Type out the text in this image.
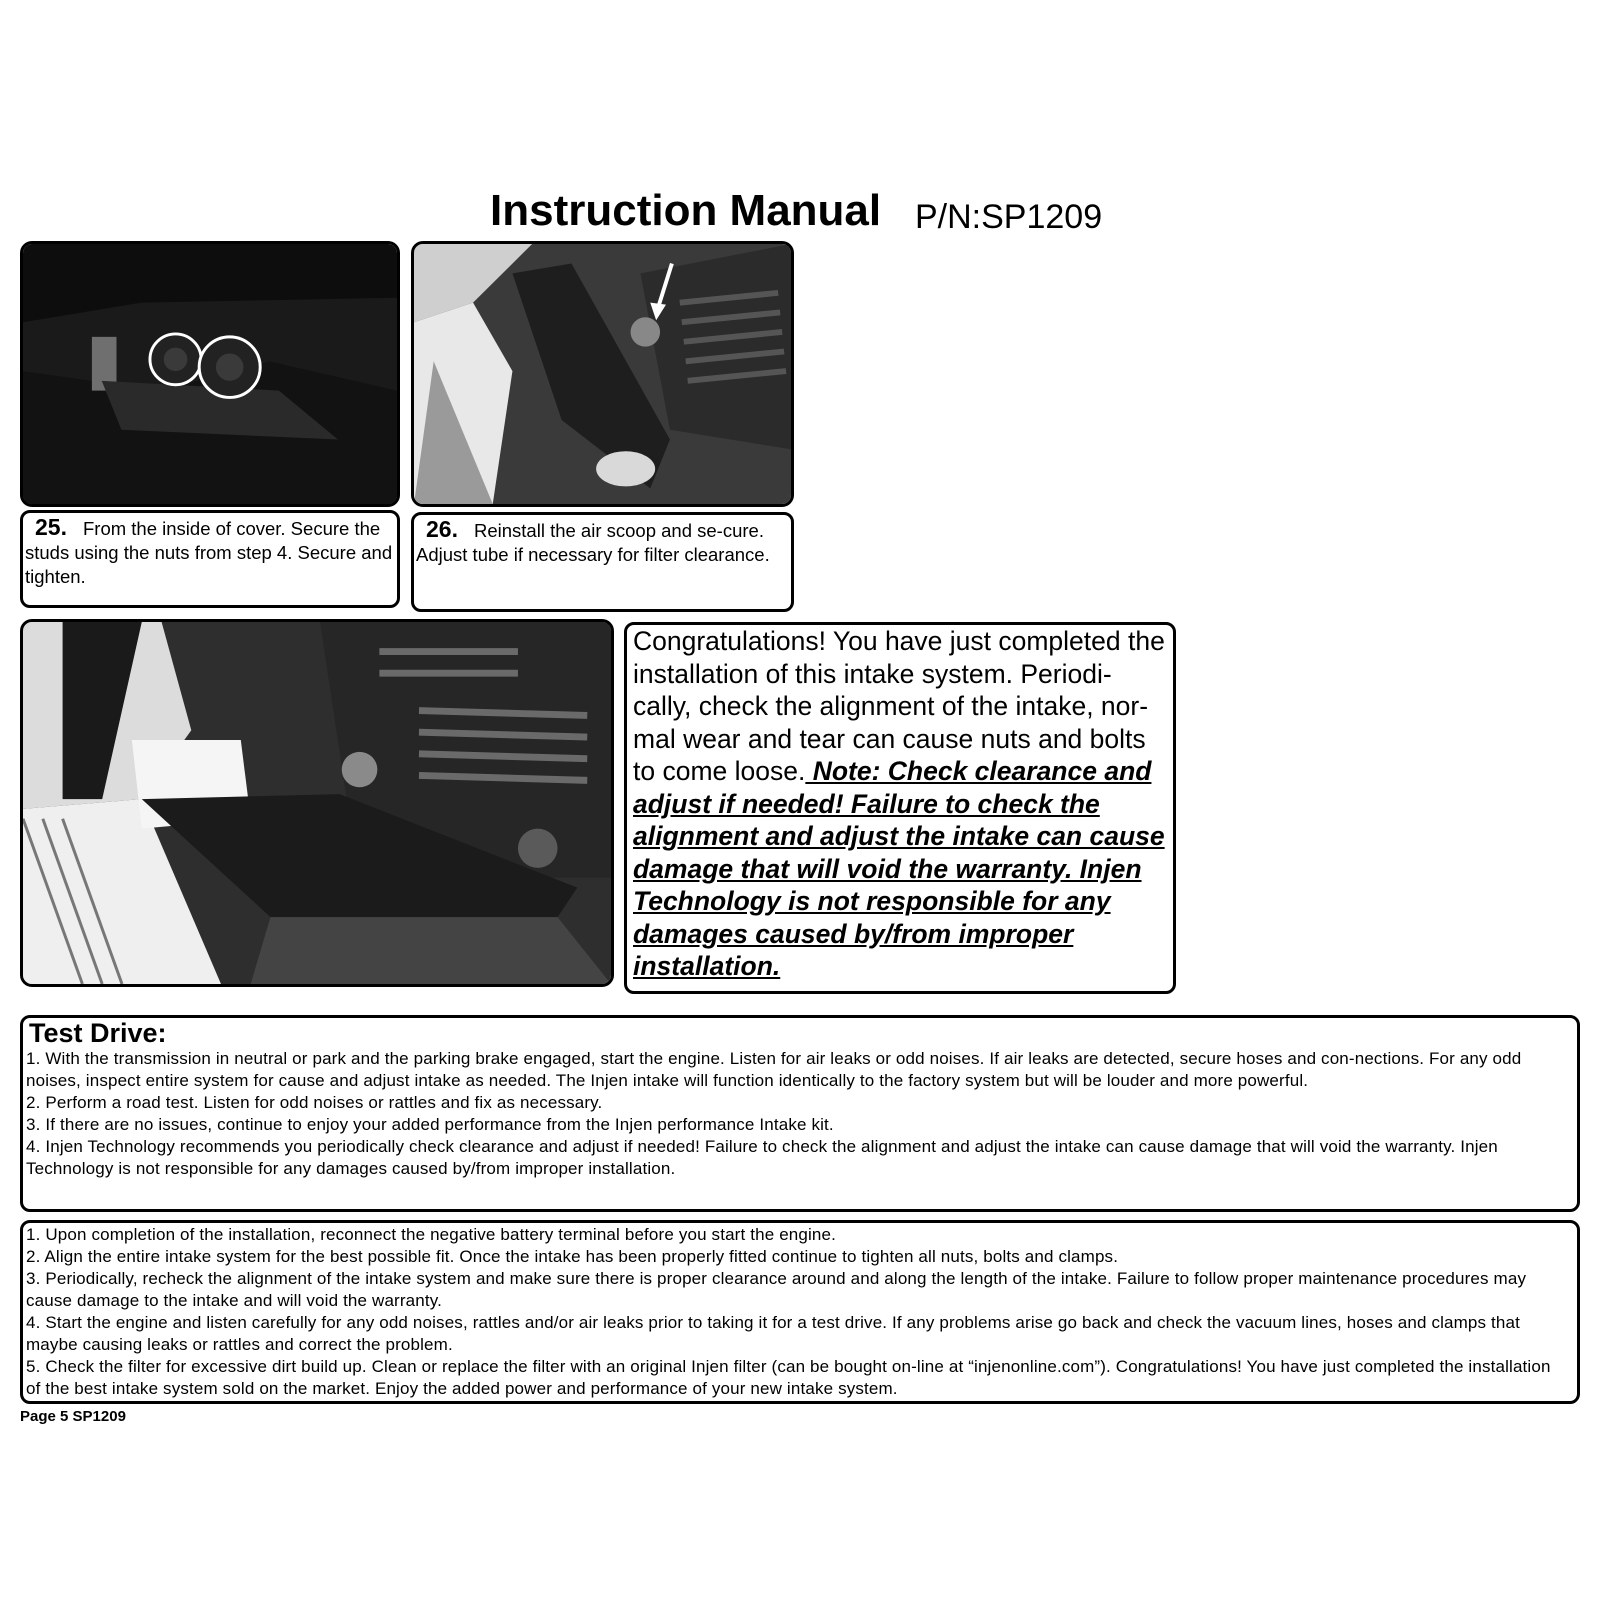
Instruction Manual P/N:SP1209
25. From the inside of cover. Secure the studs using the nuts from step 4. Secure and tighten.
26. Reinstall the air scoop and se-cure. Adjust tube if necessary for filter clearance.
Congratulations! You have just completed the installation of this intake system. Periodi-cally, check the alignment of the intake, nor-mal wear and tear can cause nuts and bolts to come loose. Note: Check clearance and adjust if needed! Failure to check the alignment and adjust the intake can cause damage that will void the warranty. Injen Technology is not responsible for any damages caused by/from improper installation.
Test Drive:

1. With the transmission in neutral or park and the parking brake engaged, start the engine. Listen for air leaks or odd noises. If air leaks are detected, secure hoses and con-nections. For any odd noises, inspect entire system for cause and adjust intake as needed. The Injen intake will function identically to the factory system but will be louder and more powerful.

2. Perform a road test. Listen for odd noises or rattles and fix as necessary.

3. If there are no issues, continue to enjoy your added performance from the Injen performance Intake kit.

4. Injen Technology recommends you periodically check clearance and adjust if needed! Failure to check the alignment and adjust the intake can cause damage that will void the warranty. Injen Technology is not responsible for any damages caused by/from improper installation.

1. Upon completion of the installation, reconnect the negative battery terminal before you start the engine.

2. Align the entire intake system for the best possible fit. Once the intake has been properly fitted continue to tighten all nuts, bolts and clamps.

3. Periodically, recheck the alignment of the intake system and make sure there is proper clearance around and along the length of the intake. Failure to follow proper maintenance procedures may cause damage to the intake and will void the warranty.

4. Start the engine and listen carefully for any odd noises, rattles and/or air leaks prior to taking it for a test drive. If any problems arise go back and check the vacuum lines, hoses and clamps that maybe causing leaks or rattles and correct the problem.

5. Check the filter for excessive dirt build up. Clean or replace the filter with an original Injen filter (can be bought on-line at “injenonline.com”). Congratulations! You have just completed the installation of the best intake system sold on the market. Enjoy the added power and performance of your new intake system.

Page 5 SP1209
